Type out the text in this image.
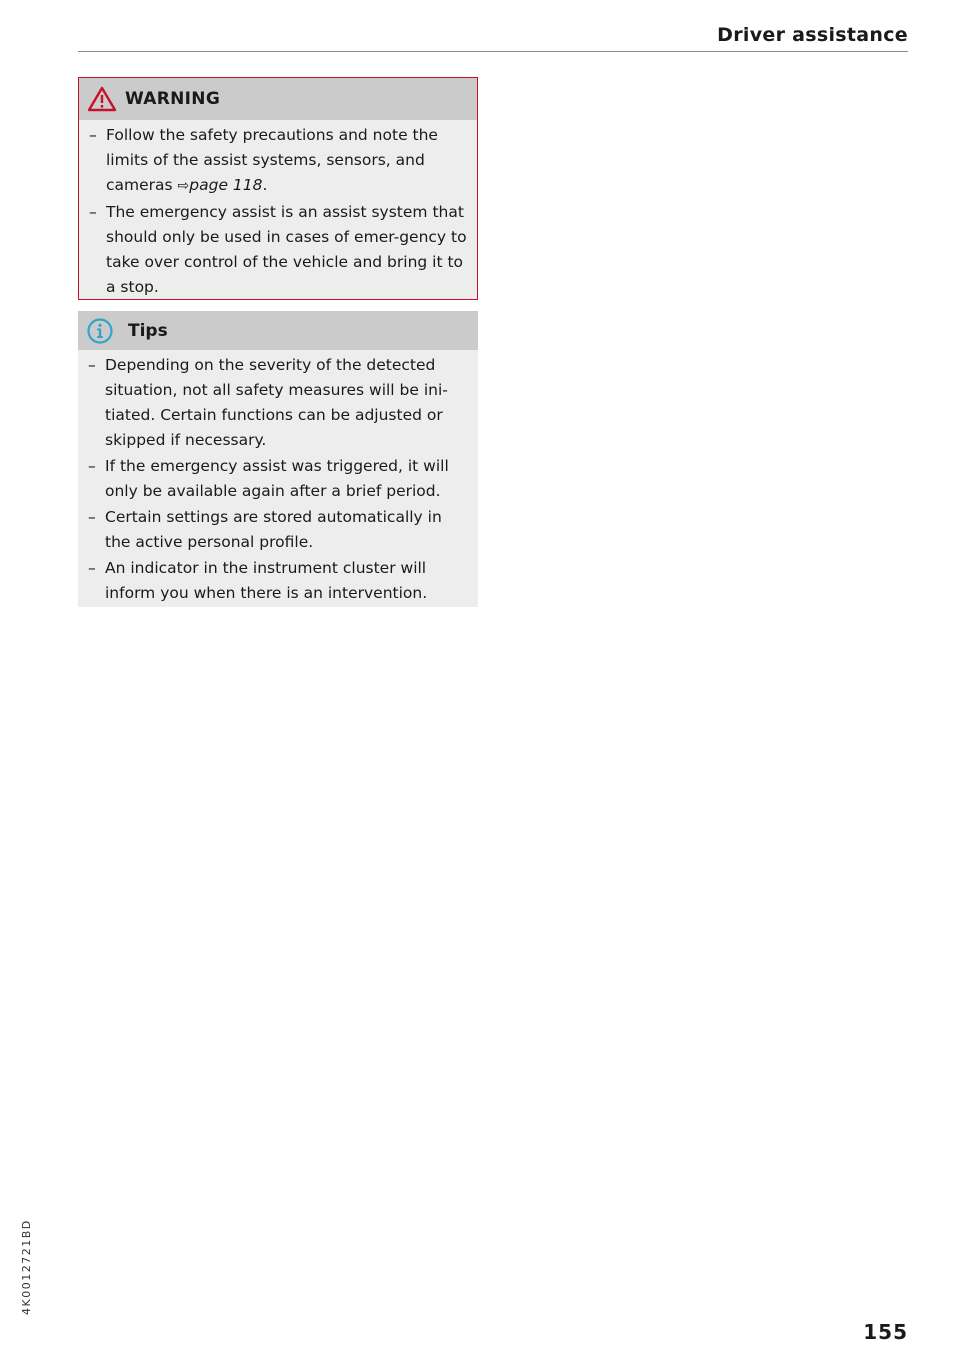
Driver assistance
WARNING
– Follow the safety precautions and note the limits of the assist systems, sensors, and cameras ⇨page 118.
– The emergency assist is an assist system that should only be used in cases of emer-gency to take over control of the vehicle and bring it to a stop.
Tips
– Depending on the severity of the detected situation, not all safety measures will be ini-tiated. Certain functions can be adjusted or skipped if necessary.
– If the emergency assist was triggered, it will only be available again after a brief period.
– Certain settings are stored automatically in the active personal profile.
– An indicator in the instrument cluster will inform you when there is an intervention.
4K0012721BD
155
